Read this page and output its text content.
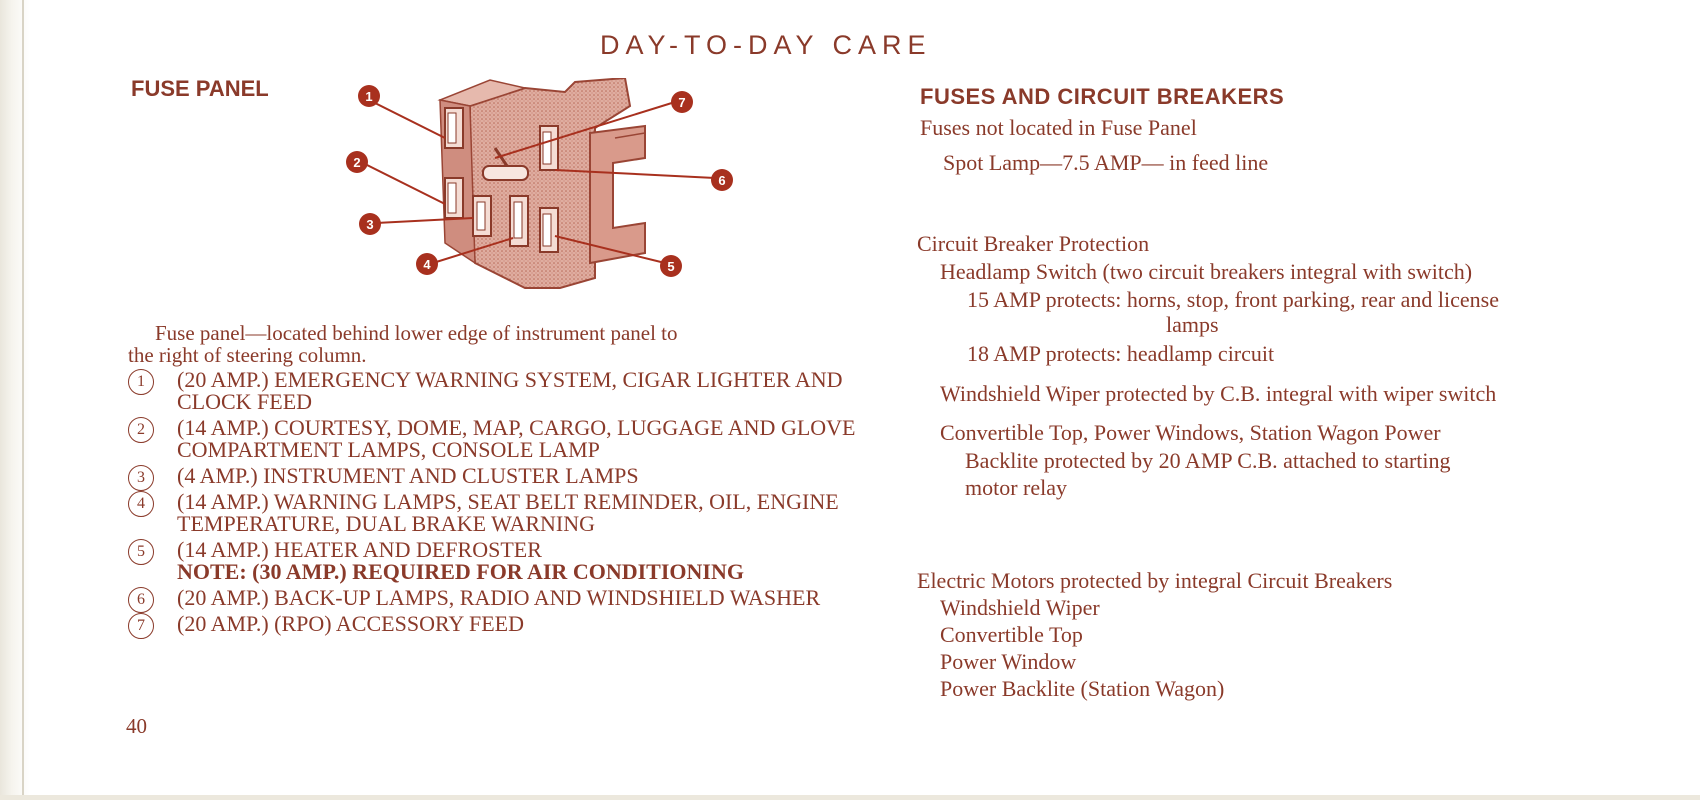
DAY-TO-DAY CARE
FUSE PANEL	1
2
3
4	5
6
7
Fuse panel—located behind lower edge of instrument panel to
the right of steering column.
1	(20 AMP.) EMERGENCY WARNING SYSTEM, CIGAR LIGHTER AND CLOCK FEED
2	(14 AMP.) COURTESY, DOME, MAP, CARGO, LUGGAGE AND GLOVE COMPARTMENT LAMPS, CONSOLE LAMP
3	(4 AMP.) INSTRUMENT AND CLUSTER LAMPS
4	(14 AMP.) WARNING LAMPS, SEAT BELT REMINDER, OIL, ENGINE TEMPERATURE, DUAL BRAKE WARNING
5	(14 AMP.) HEATER AND DEFROSTER
NOTE: (30 AMP.) REQUIRED FOR AIR CONDITIONING
6	(20 AMP.) BACK-UP LAMPS, RADIO AND WINDSHIELD WASHER
7	(20 AMP.) (RPO) ACCESSORY FEED
40
FUSES AND CIRCUIT BREAKERS
Fuses not located in Fuse Panel
Spot Lamp—7.5 AMP— in feed line
Circuit Breaker Protection
Headlamp Switch (two circuit breakers integral with switch)
15 AMP protects: horns, stop, front parking, rear and license
lamps
18 AMP protects: headlamp circuit
Windshield Wiper protected by C.B. integral with wiper switch
Convertible Top, Power Windows, Station Wagon Power
Backlite protected by 20 AMP C.B. attached to starting
motor relay
Electric Motors protected by integral Circuit Breakers
Windshield Wiper
Convertible Top
Power Window
Power Backlite (Station Wagon)
